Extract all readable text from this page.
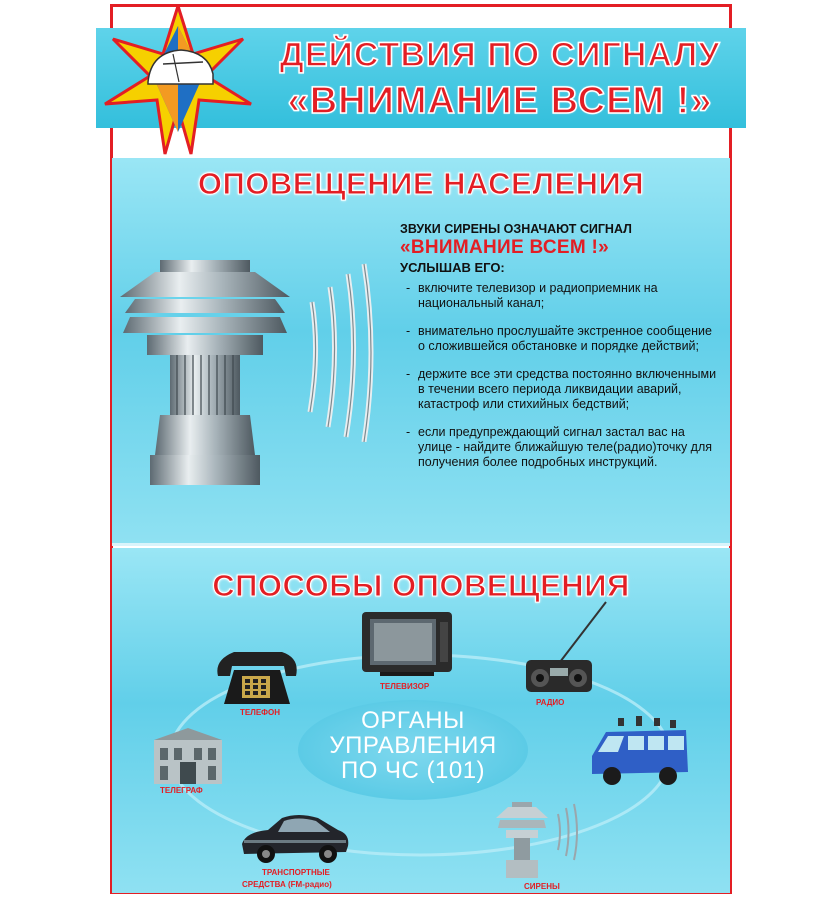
ДЕЙСТВИЯ ПО СИГНАЛУ
«ВНИМАНИЕ ВСЕМ !»
ОПОВЕЩЕНИЕ НАСЕЛЕНИЯ
ЗВУКИ СИРЕНЫ ОЗНАЧАЮТ СИГНАЛ
«ВНИМАНИЕ ВСЕМ !»
УСЛЫШАВ ЕГО:
- включите телевизор и радиоприемник на национальный канал;
- внимательно прослушайте экстренное сообщение о сложившейся обстановке и порядке действий;
- держите все эти средства постоянно включенными в течении всего периода ликвидации аварий, катастроф или стихийных бедствий;
- если предупреждающий сигнал застал вас на улице - найдите ближайшую теле(радио)точку для получения более подробных инструкций.
СПОСОБЫ ОПОВЕЩЕНИЯ
ОРГАНЫ
УПРАВЛЕНИЯ
ПО ЧС (101)
ТЕЛЕФОН
ТЕЛЕВИЗОР
РАДИО
ТЕЛЕГРАФ
ТРАНСПОРТНЫЕ
СРЕДСТВА (FM-радио)	СИРЕНЫ
